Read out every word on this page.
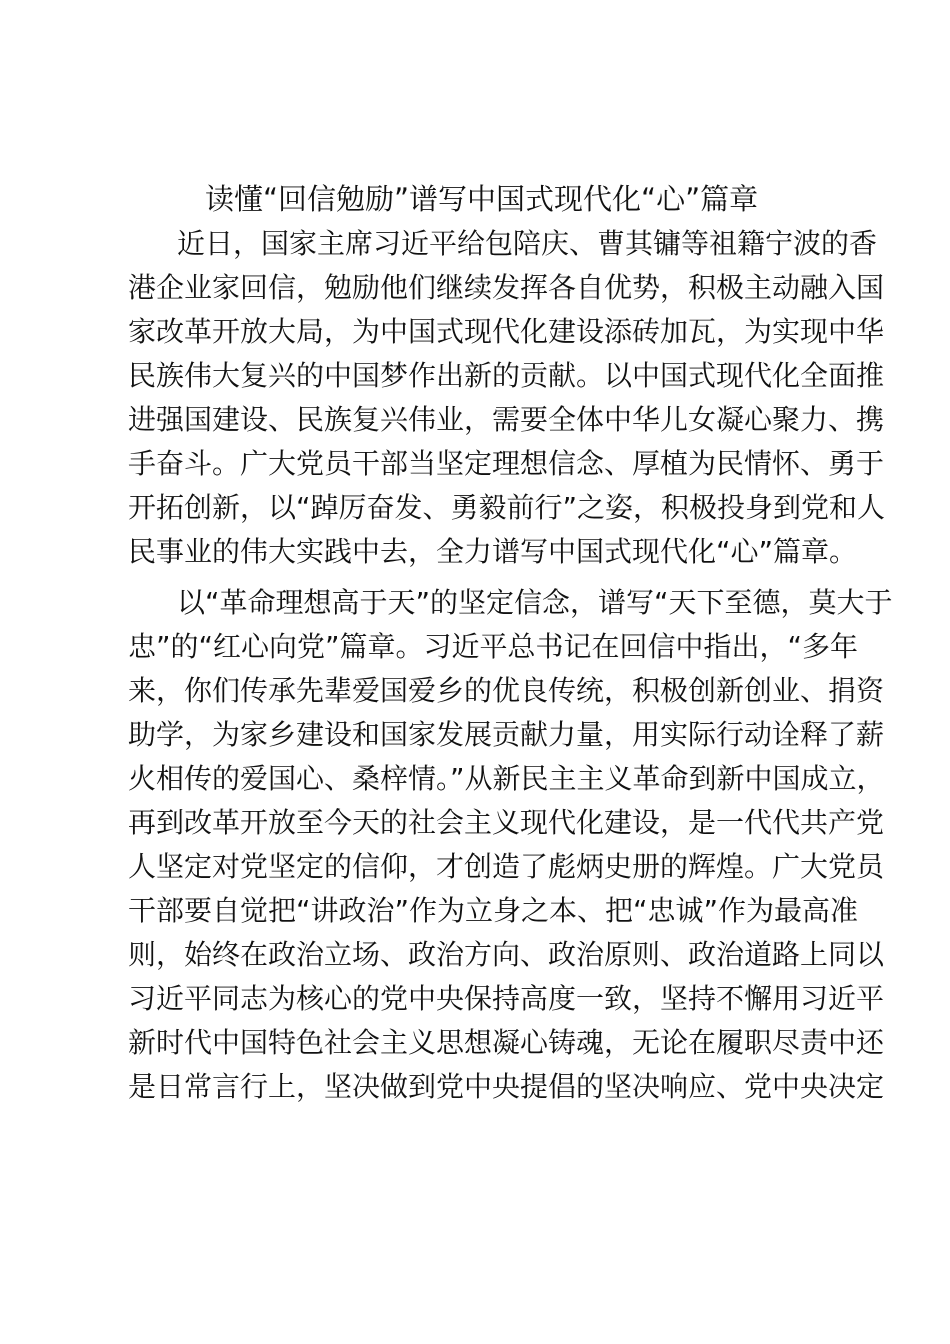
读懂“回信勉励”谱写中国式现代化“心”篇章

近日，国家主席习近平给包陪庆、曹其镛等祖籍宁波的香

港企业家回信，勉励他们继续发挥各自优势，积极主动融入国

家改革开放大局，为中国式现代化建设添砖加瓦，为实现中华

民族伟大复兴的中国梦作出新的贡献。以中国式现代化全面推

进强国建设、民族复兴伟业，需要全体中华儿女凝心聚力、携

手奋斗。广大党员干部当坚定理想信念、厚植为民情怀、勇于

开拓创新，以“踔厉奋发、勇毅前行”之姿，积极投身到党和人

民事业的伟大实践中去，全力谱写中国式现代化“心”篇章。

以“革命理想高于天”的坚定信念，谱写“天下至德，莫大于

忠”的“红心向党”篇章。习近平总书记在回信中指出，“多年

来，你们传承先辈爱国爱乡的优良传统，积极创新创业、捐资

助学，为家乡建设和国家发展贡献力量，用实际行动诠释了薪

火相传的爱国心、桑梓情。”从新民主主义革命到新中国成立，

再到改革开放至今天的社会主义现代化建设，是一代代共产党

人坚定对党坚定的信仰，才创造了彪炳史册的辉煌。广大党员

干部要自觉把“讲政治”作为立身之本、把“忠诚”作为最高准

则，始终在政治立场、政治方向、政治原则、政治道路上同以

习近平同志为核心的党中央保持高度一致，坚持不懈用习近平

新时代中国特色社会主义思想凝心铸魂，无论在履职尽责中还

是日常言行上，坚决做到党中央提倡的坚决响应、党中央决定
